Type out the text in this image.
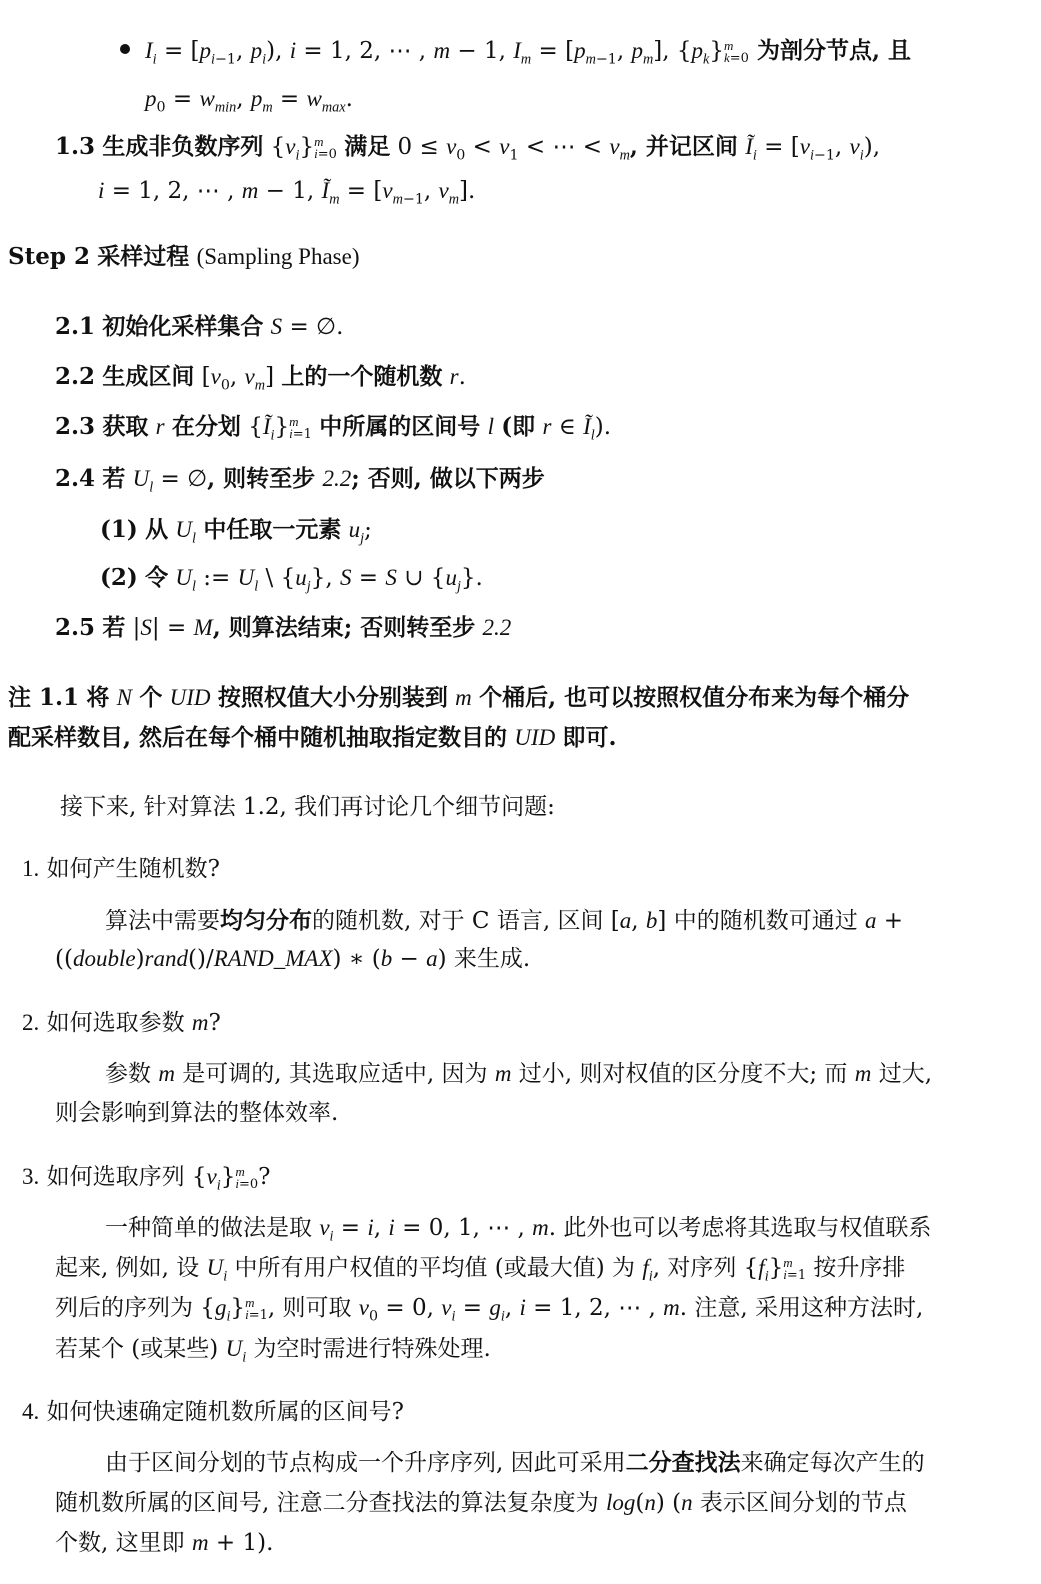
$I_i = [p_{i-1}$, $p_i$), i = 1, 2, ⋯ , m − 1, $I_m = [p_{m-1}$, $p_m$], $\{p_k\}m$
k=0 为剖分节点, 且
$p_0 = w_{min}$, $p_m = w_{max}$.
1.3 生成非负数序列 $\{v_i\}m$
i=0 满足 $0 \le v_0 < v_1$ < ⋯ < $v_m$, 并记区间 $Ĩ_i = [v_{i-1}$, $v_i$),
i = 1, 2, ⋯ , m − 1, $Ĩ_m = [v_{m-1}$, $v_m$].
Step 2 采样过程 (Sampling Phase)
2.1 初始化采样集合 S = ∅.
2.2 生成区间 [$v_0$, $v_m$] 上的一个随机数 r.
2.3 获取 r 在分划 $\{Ĩ_i\}m$
i=1 中所属的区间号 l (即 r ∈ $Ĩ_l$).
2.4 若 $U_l$ = ∅, 则转至步 2.2; 否则, 做以下两步
(1) 从 $U_l$ 中任取一元素 $u_j$;
(2) 令 $U_l$ := $U_l$ \ $\{u_j\}$, S = S ∪ $\{u_j\}$.
2.5 若 |S| = M, 则算法结束; 否则转至步 2.2
注 1.1 将 N 个 UID 按照权值大小分别装到 m 个桶后, 也可以按照权值分布来为每个桶分
配采样数目, 然后在每个桶中随机抽取指定数目的 UID 即可.
接下来, 针对算法 1.2, 我们再讨论几个细节问题:
1. 如何产生随机数?
算法中需要均匀分布的随机数, 对于 C 语言, 区间 [a, b] 中的随机数可通过 a +
((double)rand()/RAND_MAX) ∗ (b − a) 来生成.
2. 如何选取参数 m?
参数 m 是可调的, 其选取应适中, 因为 m 过小, 则对权值的区分度不大; 而 m 过大,
则会影响到算法的整体效率.
3. 如何选取序列 $\{v_i\}m$
i=0?
一种简单的做法是取 $v_i = i$, i = 0, 1, ⋯ , m. 此外也可以考虑将其选取与权值联系
起来, 例如, 设 $U_i$ 中所有用户权值的平均值 (或最大值) 为 $f_i$, 对序列 $\{f_i\}m$
i=1 按升序排
列后的序列为 $\{g_i\}m$
i=1, 则可取 $v_0 = 0$, $v_i = g_i$, i = 1, 2, ⋯ , m. 注意, 采用这种方法时,
若某个 (或某些) $U_i$ 为空时需进行特殊处理.
4. 如何快速确定随机数所属的区间号?
由于区间分划的节点构成一个升序序列, 因此可采用二分查找法来确定每次产生的
随机数所属的区间号, 注意二分查找法的算法复杂度为 log(n) (n 表示区间分划的节点
个数, 这里即 m + 1).
